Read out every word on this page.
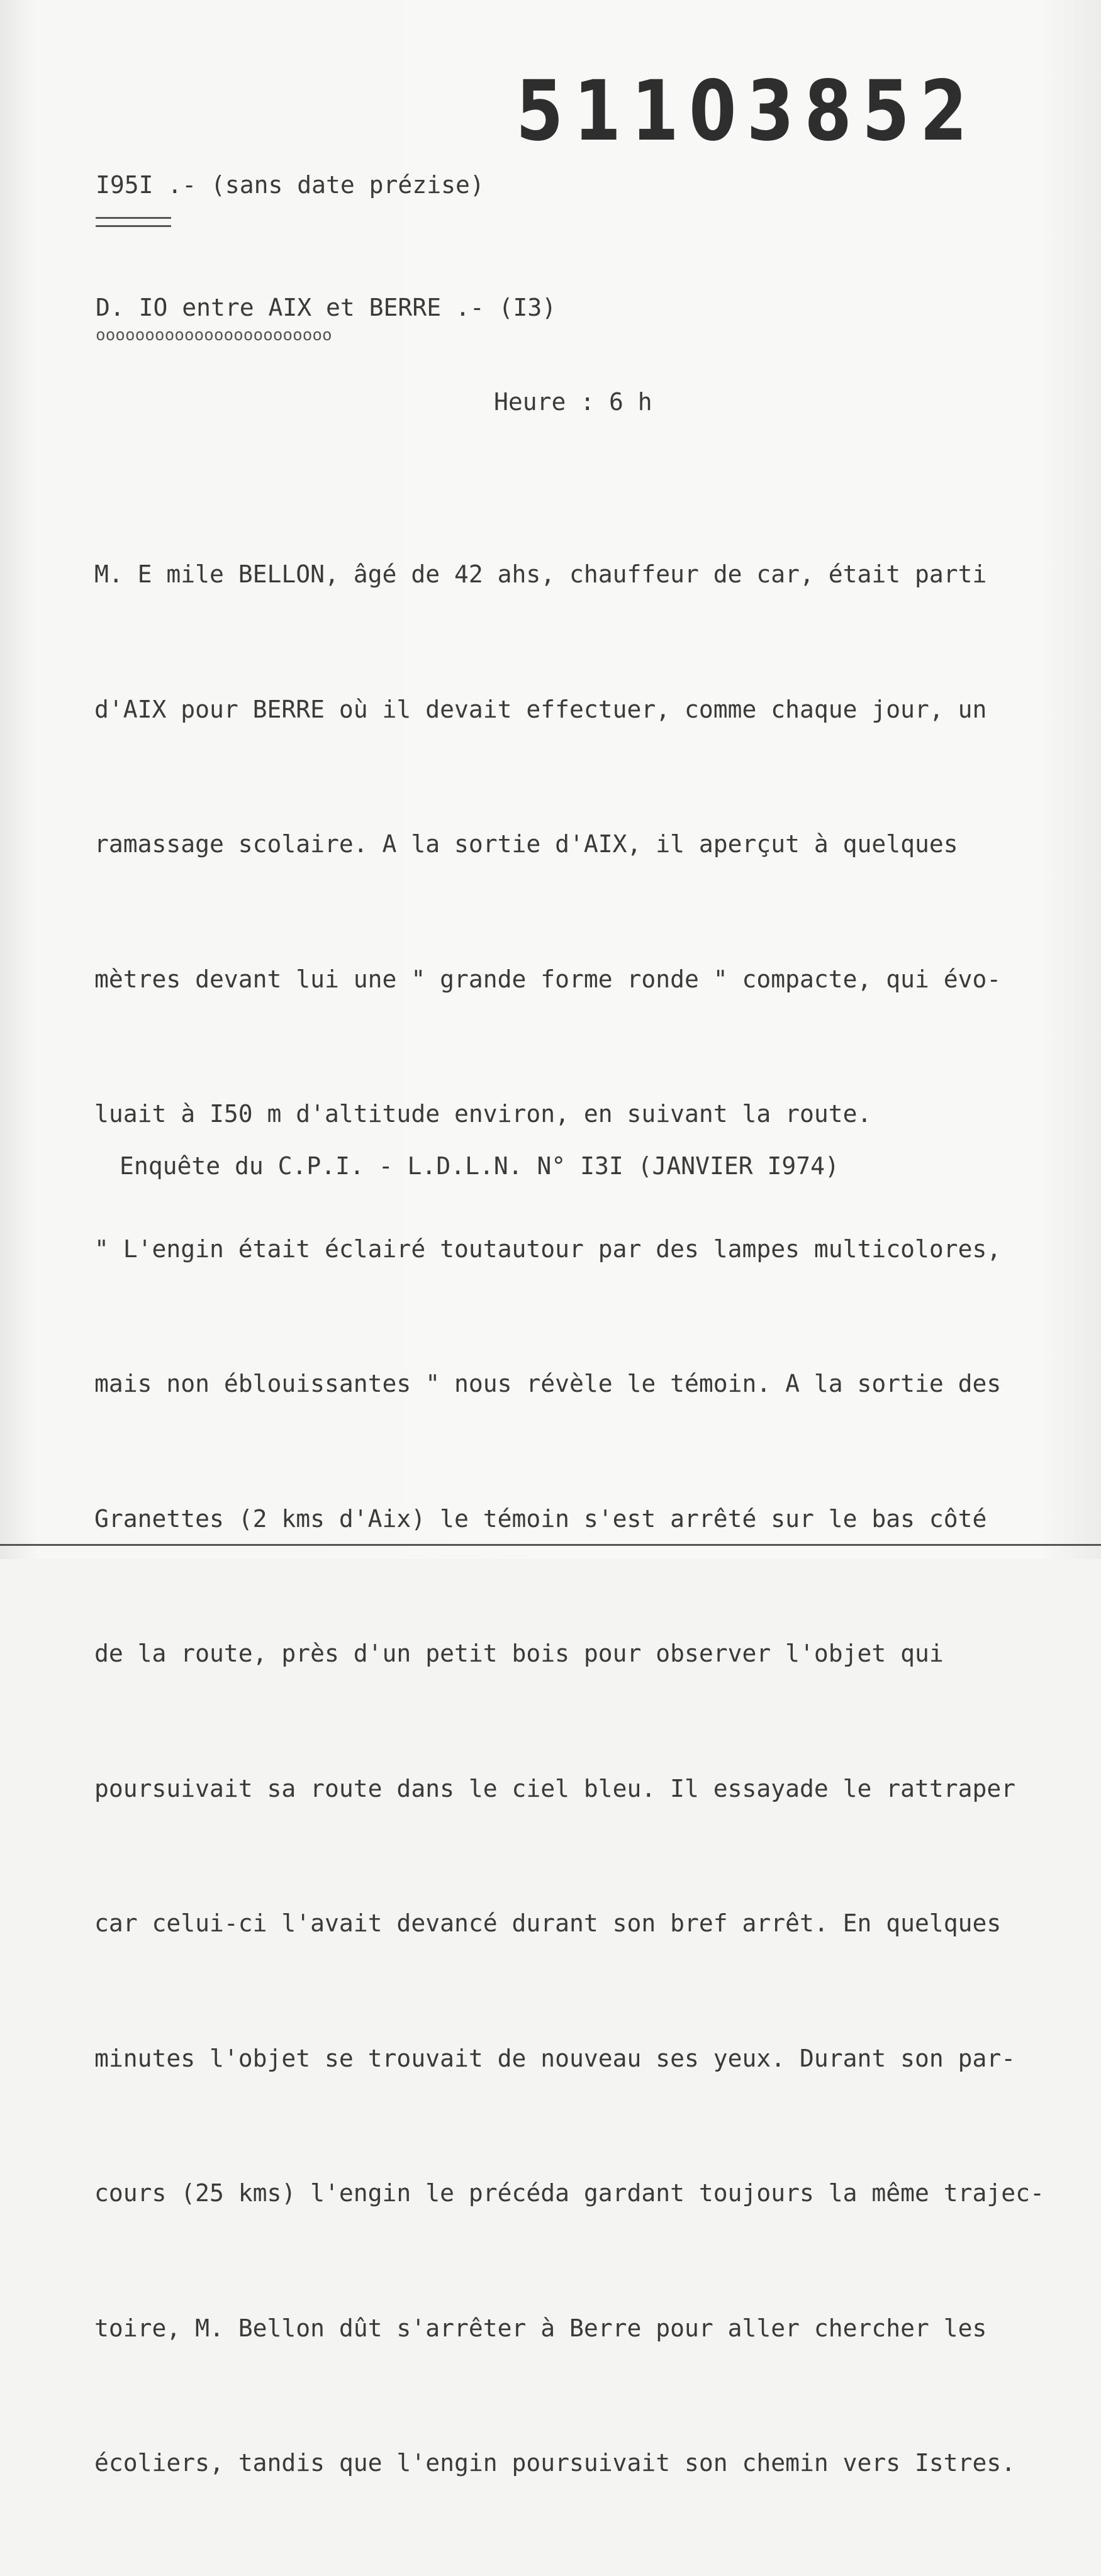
51103852
I95I .- (sans date prézise)
D. IO entre AIX et BERRE .- (I3)
oooooooooooooooooooooooo
Heure : 6 h

M. E mile BELLON, âgé de 42 ahs, chauffeur de car, était parti

d'AIX pour BERRE où il devait effectuer, comme chaque jour, un

ramassage scolaire. A la sortie d'AIX, il aperçut à quelques

mètres devant lui une " grande forme ronde " compacte, qui évo-

luait à I50 m d'altitude environ, en suivant la route.

" L'engin était éclairé toutautour par des lampes multicolores,

mais non éblouissantes " nous révèle le témoin. A la sortie des

Granettes (2 kms d'Aix) le témoin s'est arrêté sur le bas côté

de la route, près d'un petit bois pour observer l'objet qui

poursuivait sa route dans le ciel bleu. Il essayade le rattraper

car celui-ci l'avait devancé durant son bref arrêt. En quelques

minutes l'objet se trouvait de nouveau ses yeux. Durant son par-

cours (25 kms) l'engin le précéda gardant toujours la même trajec-

toire, M. Bellon dût s'arrêter à Berre pour aller chercher les

écoliers, tandis que l'engin poursuivait son chemin vers Istres.

Enquête du C.P.I. - L.D.L.N. N° I3I (JANVIER I974)
